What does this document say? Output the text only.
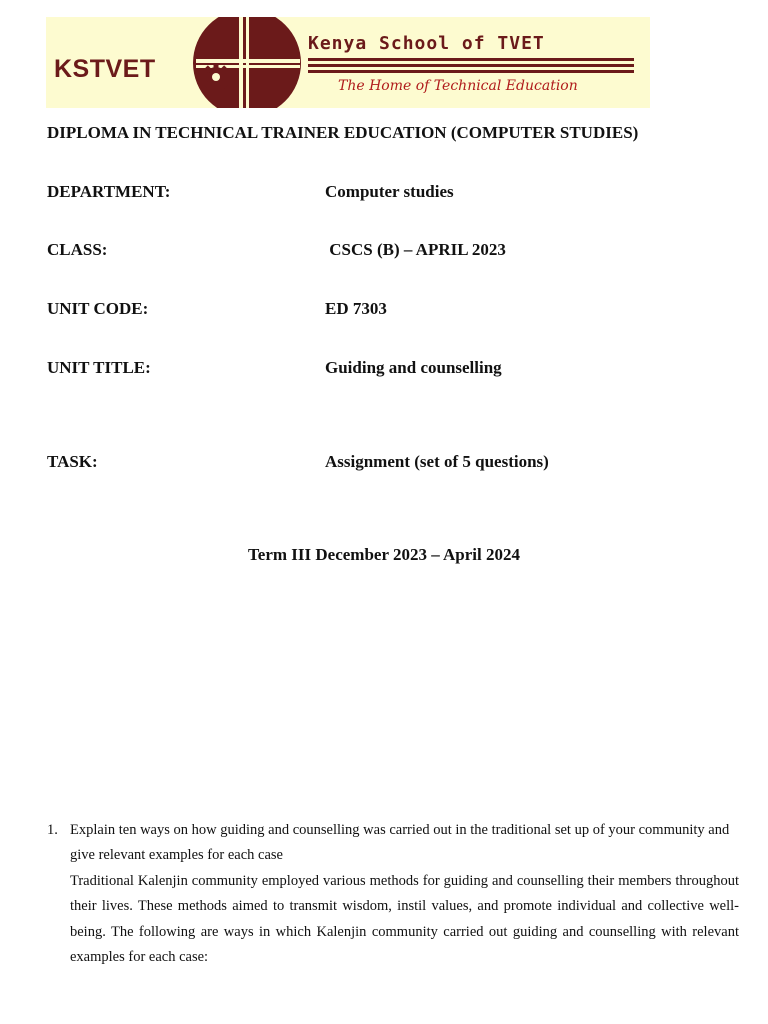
KSTVET
Kenya School of TVET
The Home of Technical Education
DIPLOMA IN TECHNICAL TRAINER EDUCATION (COMPUTER STUDIES)
DEPARTMENT:	Computer studies
CLASS:	CSCS (B) – APRIL 2023
UNIT CODE:	ED 7303
UNIT TITLE:	Guiding and counselling
TASK:	Assignment (set of 5 questions)
Term III December 2023 – April 2024
1. Explain ten ways on how guiding and counselling was carried out in the traditional set up of your community and give relevant examples for each case
Traditional Kalenjin community employed various methods for guiding and counselling their members throughout their lives. These methods aimed to transmit wisdom, instil values, and promote individual and collective well-being. The following are ways in which Kalenjin community carried out guiding and counselling with relevant examples for each case:
